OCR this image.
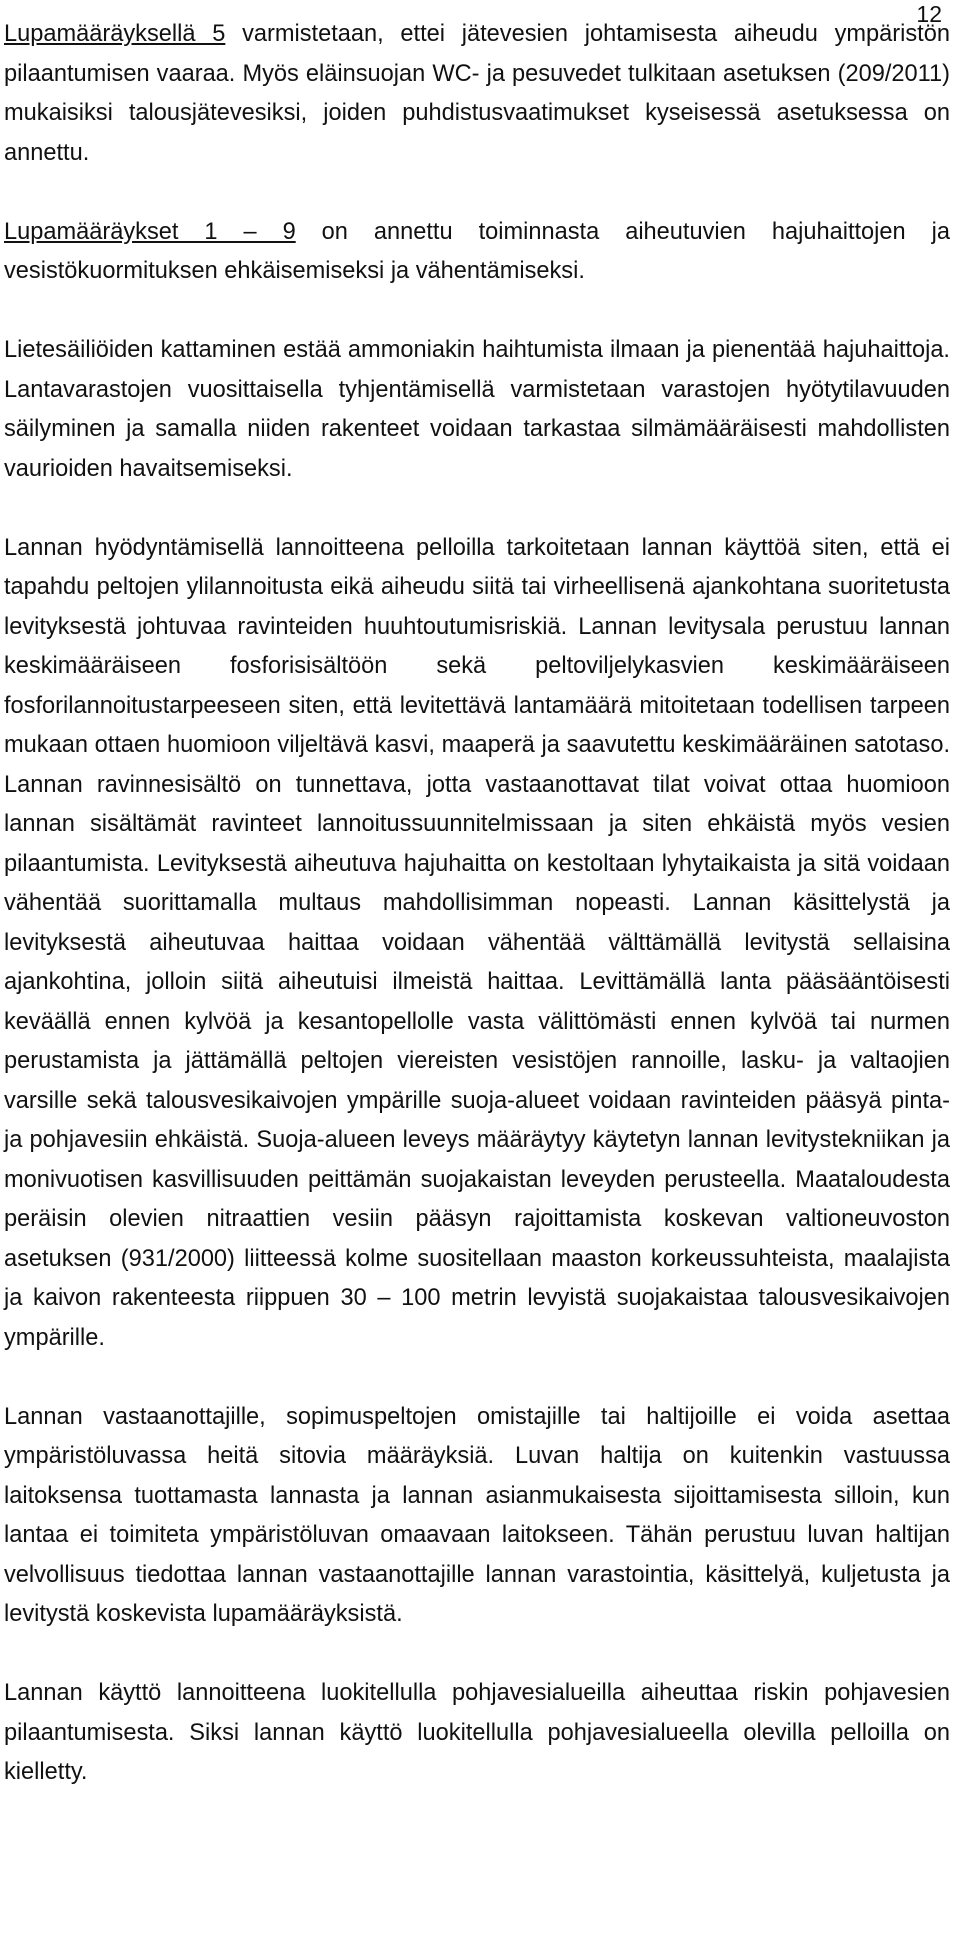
12

Lupamääräyksellä 5 varmistetaan, ettei jätevesien johtamisesta aiheudu ympäristön pilaantumisen vaaraa. Myös eläinsuojan WC- ja pesuvedet tulkitaan asetuksen (209/2011) mukaisiksi talousjätevesiksi, joiden puhdistusvaatimukset kyseisessä asetuksessa on annettu.

Lupamääräykset 1 – 9 on annettu toiminnasta aiheutuvien hajuhaittojen ja vesistökuormituksen ehkäisemiseksi ja vähentämiseksi.

Lietesäiliöiden kattaminen estää ammoniakin haihtumista ilmaan ja pienentää hajuhaittoja. Lantavarastojen vuosittaisella tyhjentämisellä varmistetaan varastojen hyötytilavuuden säilyminen ja samalla niiden rakenteet voidaan tarkastaa silmämääräisesti mahdollisten vaurioiden havaitsemiseksi.

Lannan hyödyntämisellä lannoitteena pelloilla tarkoitetaan lannan käyttöä siten, että ei tapahdu peltojen ylilannoitusta eikä aiheudu siitä tai virheellisenä ajankohtana suoritetusta levityksestä johtuvaa ravinteiden huuhtoutumisriskiä. Lannan levitysala perustuu lannan keskimääräiseen fosforisisältöön sekä peltoviljelykasvien keskimääräiseen fosforilannoitustarpeeseen siten, että levitettävä lantamäärä mitoitetaan todellisen tarpeen mukaan ottaen huomioon viljeltävä kasvi, maaperä ja saavutettu keskimääräinen satotaso. Lannan ravinnesisältö on tunnettava, jotta vastaanottavat tilat voivat ottaa huomioon lannan sisältämät ravinteet lannoitussuunnitelmissaan ja siten ehkäistä myös vesien pilaantumista. Levityksestä aiheutuva hajuhaitta on kestoltaan lyhytaikaista ja sitä voidaan vähentää suorittamalla multaus mahdollisimman nopeasti. Lannan käsittelystä ja levityksestä aiheutuvaa haittaa voidaan vähentää välttämällä levitystä sellaisina ajankohtina, jolloin siitä aiheutuisi ilmeistä haittaa. Levittämällä lanta pääsääntöisesti keväällä ennen kylvöä ja kesantopellolle vasta välittömästi ennen kylvöä tai nurmen perustamista ja jättämällä peltojen viereisten vesistöjen rannoille, lasku- ja valtaojien varsille sekä talousvesikaivojen ympärille suoja-alueet voidaan ravinteiden pääsyä pinta- ja pohjavesiin ehkäistä. Suoja-alueen leveys määräytyy käytetyn lannan levitystekniikan ja monivuotisen kasvillisuuden peittämän suojakaistan leveyden perusteella. Maataloudesta peräisin olevien nitraattien vesiin pääsyn rajoittamista koskevan valtioneuvoston asetuksen (931/2000) liitteessä kolme suositellaan maaston korkeussuhteista, maalajista ja kaivon rakenteesta riippuen 30 – 100 metrin levyistä suojakaistaa talousvesikaivojen ympärille.

Lannan vastaanottajille, sopimuspeltojen omistajille tai haltijoille ei voida asettaa ympäristöluvassa heitä sitovia määräyksiä. Luvan haltija on kuitenkin vastuussa laitoksensa tuottamasta lannasta ja lannan asianmukaisesta sijoittamisesta silloin, kun lantaa ei toimiteta ympäristöluvan omaavaan laitokseen. Tähän perustuu luvan haltijan velvollisuus tiedottaa lannan vastaanottajille lannan varastointia, käsittelyä, kuljetusta ja levitystä koskevista lupamääräyksistä.

Lannan käyttö lannoitteena luokitellulla pohjavesialueilla aiheuttaa riskin pohjavesien pilaantumisesta. Siksi lannan käyttö luokitellulla pohjavesialueella olevilla pelloilla on kielletty.
